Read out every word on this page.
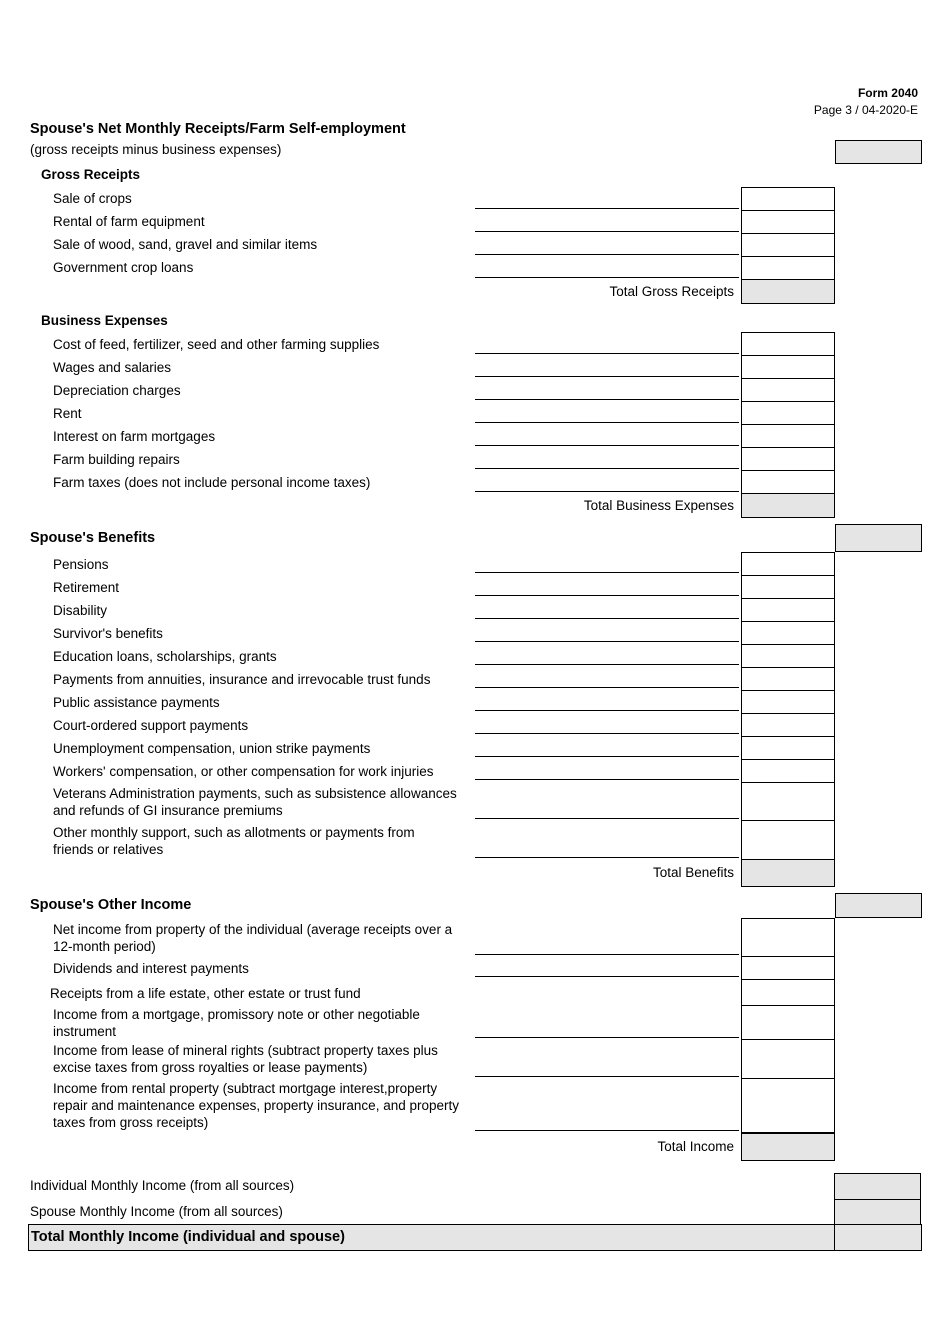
Form 2040
Page 3 / 04-2020-E
Spouse's Net Monthly Receipts/Farm Self-employment
(gross receipts minus business expenses)
Gross Receipts
Sale of crops
Rental of farm equipment
Sale of wood, sand, gravel and similar items
Government crop loans
Total Gross Receipts
Business Expenses
Cost of feed, fertilizer, seed and other farming supplies
Wages and salaries
Depreciation charges
Rent
Interest on farm mortgages
Farm building repairs
Farm taxes (does not include personal income taxes)
Total Business Expenses
Spouse's Benefits
Pensions
Retirement
Disability
Survivor's benefits
Education loans, scholarships, grants
Payments from annuities, insurance and irrevocable trust funds
Public assistance payments
Court-ordered support payments
Unemployment compensation, union strike payments
Workers' compensation, or other compensation for work injuries
Veterans Administration payments, such as subsistence allowances and refunds of GI insurance premiums
Other monthly support, such as allotments or payments from friends or relatives
Total Benefits
Spouse's Other Income
Net income from property of the individual (average receipts over a 12-month period)
Dividends and interest payments
Receipts from a life estate, other estate or trust fund
Income from a mortgage, promissory note or other negotiable instrument
Income from lease of mineral rights (subtract property taxes plus excise taxes from gross royalties or lease payments)
Income from rental property (subtract mortgage interest,property repair and maintenance expenses, property insurance, and property taxes from gross receipts)
Total Income
Individual Monthly Income (from all sources)
Spouse Monthly Income (from all sources)
Total Monthly Income (individual and spouse)
